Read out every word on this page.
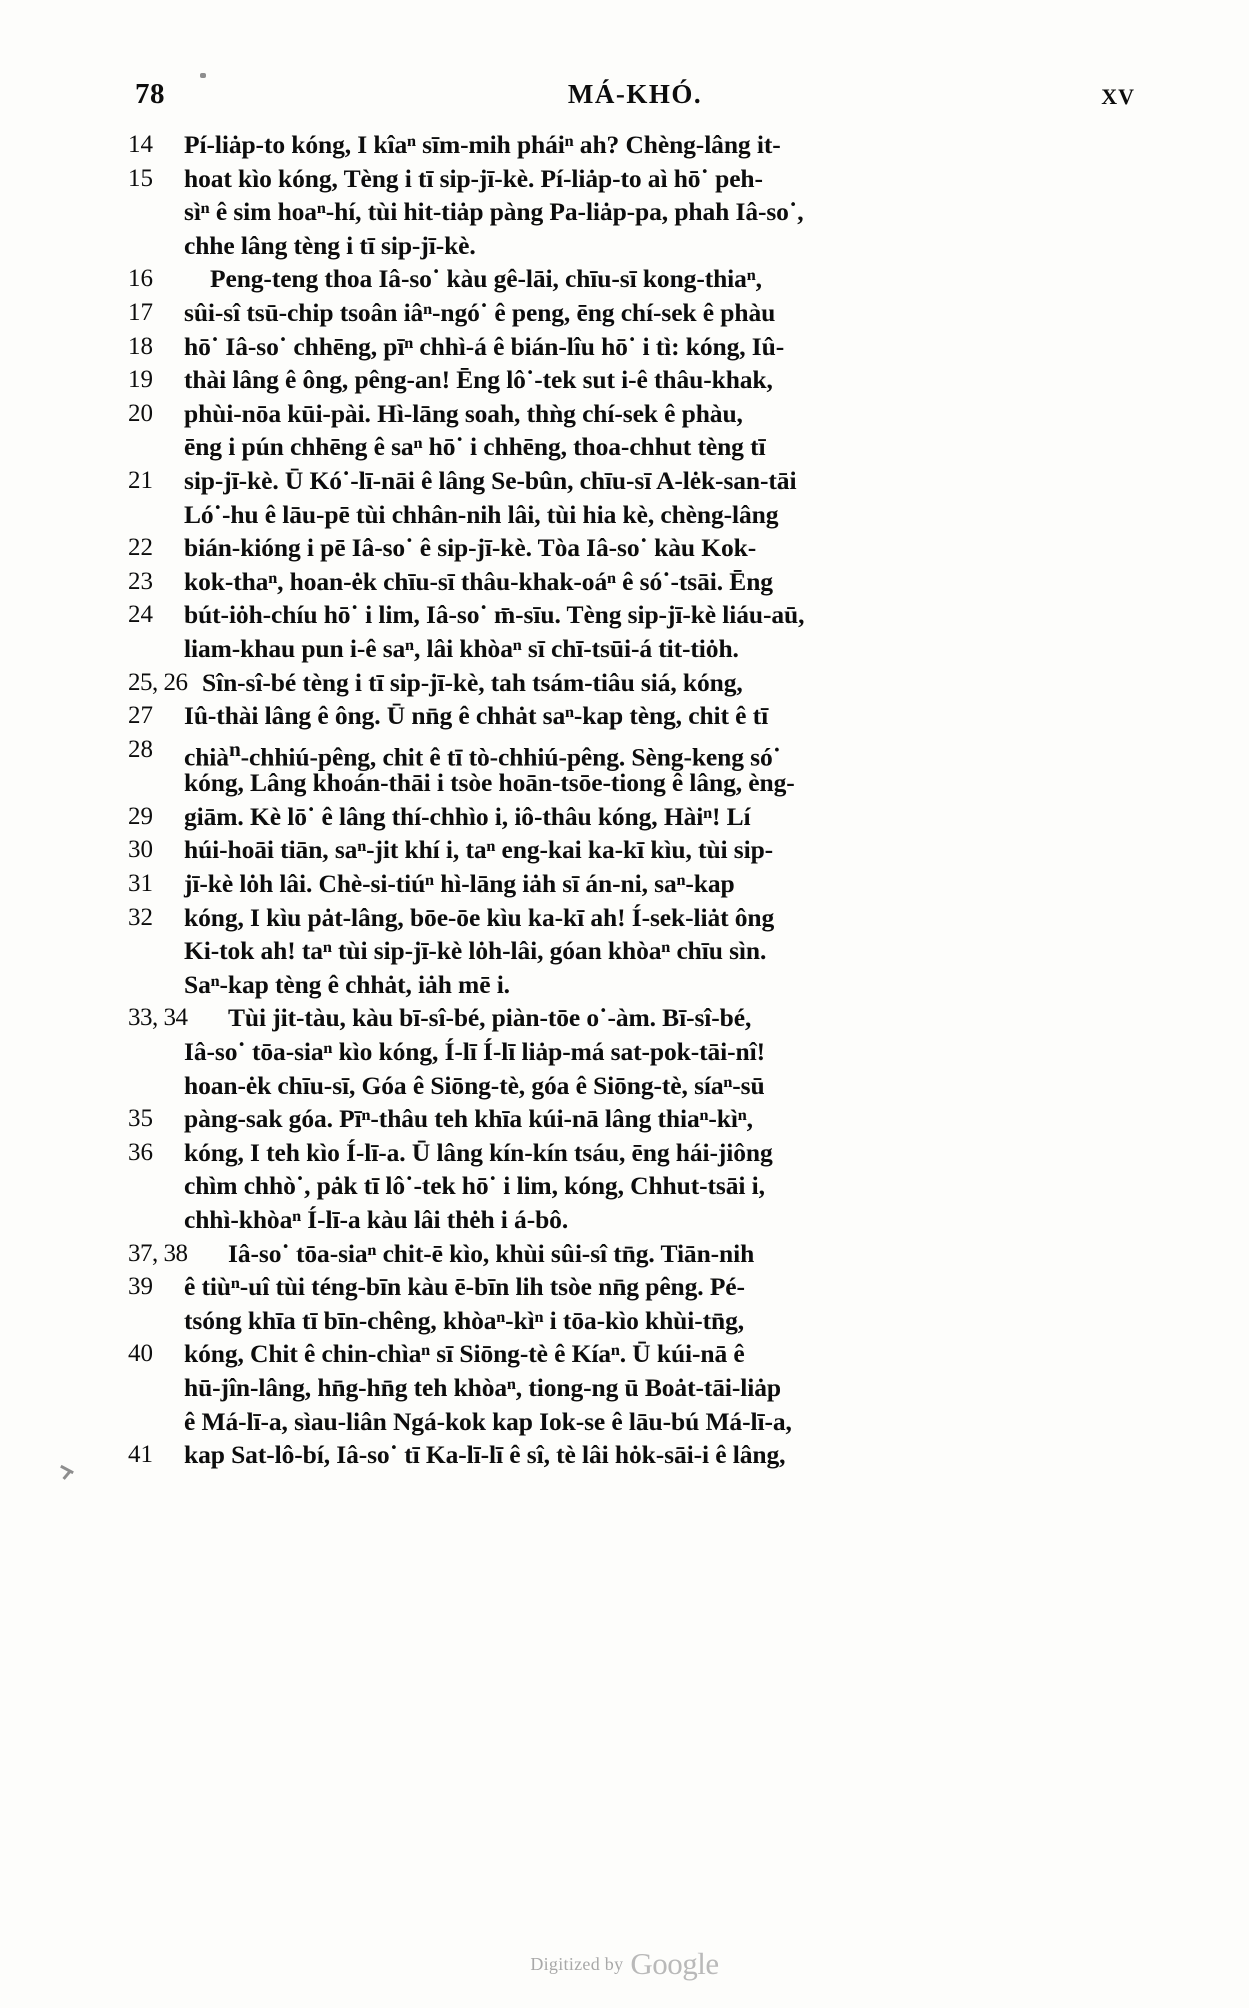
78	MÁ-KHÓ.	XV
14	Pí-liȧp-to kóng, I kîaⁿ sīm-mih pháiⁿ ah? Chèng-lâng it-
15	hoat kìo kóng, Tèng i tī sip-jī-kè. Pí-liȧp-to aì hō˙ peh-
sìⁿ ê sim hoaⁿ-hí, tùi hit-tiȧp pàng Pa-liȧp-pa, phah Iâ-so˙,
chhe lâng tèng i tī sip-jī-kè.
16	Peng-teng thoa Iâ-so˙ kàu gê-lāi, chīu-sī kong-thiaⁿ,
17	sûi-sî tsū-chip tsoân iâⁿ-ngó˙ ê peng, ēng chí-sek ê phàu
18	hō˙ Iâ-so˙ chhēng, pīⁿ chhì-á ê bián-lîu hō˙ i tì: kóng, Iû-
19	thài lâng ê ông, pêng-an! Ēng lô˙-tek sut i-ê thâu-khak,
20	phùi-nōa kūi-pài. Hì-lāng soah, thǹg chí-sek ê phàu,
ēng i pún chhēng ê saⁿ hō˙ i chhēng, thoa-chhut tèng tī
21	sip-jī-kè. Ū Kó˙-lī-nāi ê lâng Se-bûn, chīu-sī A-lėk-san-tāi
Ló˙-hu ê lāu-pē tùi chhân-nih lâi, tùi hia kè, chèng-lâng
22	bián-kióng i pē Iâ-so˙ ê sip-jī-kè. Tòa Iâ-so˙ kàu Kok-
23	kok-thaⁿ, hoan-ėk chīu-sī thâu-khak-oáⁿ ê só˙-tsāi. Ēng
24	bút-iȯh-chíu hō˙ i lim, Iâ-so˙ m̄-sīu. Tèng sip-jī-kè liáu-aū,
liam-khau pun i-ê saⁿ, lâi khòaⁿ sī chī-tsūi-á tit-tiȯh.
25, 26 Sîn-sî-bé tèng i tī sip-jī-kè, tah tsám-tiâu siá, kóng,
27	Iû-thài lâng ê ông. Ū nn̄g ê chhȧt saⁿ-kap tèng, chit ê tī
28	chià$^n$-chhiú-pêng, chit ê tī tò-chhiú-pêng. Sèng-keng só˙
kóng, Lâng khoán-thāi i tsòe hoān-tsōe-tiong ê lâng, èng-
29	giām. Kè lō˙ ê lâng thí-chhìo i, iô-thâu kóng, Hàiⁿ! Lí
30	húi-hoāi tiān, saⁿ-jit khí i, taⁿ eng-kai ka-kī kìu, tùi sip-
31	jī-kè lȯh lâi. Chè-si-tiúⁿ hì-lāng iȧh sī án-ni, saⁿ-kap
32	kóng, I kìu pȧt-lâng, bōe-ōe kìu ka-kī ah! Í-sek-liȧt ông
Ki-tok ah! taⁿ tùi sip-jī-kè lȯh-lâi, góan khòaⁿ chīu sìn.
Saⁿ-kap tèng ê chhȧt, iȧh mē i.
33, 34	Tùi jit-tàu, kàu bī-sî-bé, piàn-tōe o˙-àm. Bī-sî-bé,
Iâ-so˙ tōa-siaⁿ kìo kóng, Í-lī Í-lī liȧp-má sat-pok-tāi-nî!
hoan-ėk chīu-sī, Góa ê Siōng-tè, góa ê Siōng-tè, síaⁿ-sū
35	pàng-sak góa. Pīⁿ-thâu teh khīa kúi-nā lâng thiaⁿ-kìⁿ,
36	kóng, I teh kìo Í-lī-a. Ū lâng kín-kín tsáu, ēng hái-jiông
chìm chhò˙, pȧk tī lô˙-tek hō˙ i lim, kóng, Chhut-tsāi i,
chhì-khòaⁿ Í-lī-a kàu lâi thėh i á-bô.
37, 38	Iâ-so˙ tōa-siaⁿ chit-ē kìo, khùi sûi-sî tn̄g. Tiān-nih
39	ê tiùⁿ-uî tùi téng-bīn kàu ē-bīn lih tsòe nn̄g pêng. Pé-
tsóng khīa tī bīn-chêng, khòaⁿ-kìⁿ i tōa-kìo khùi-tn̄g,
40	kóng, Chit ê chin-chìaⁿ sī Siōng-tè ê Kíaⁿ. Ū kúi-nā ê
hū-jîn-lâng, hn̄g-hn̄g teh khòaⁿ, tiong-ng ū Boȧt-tāi-liȧp
ê Má-lī-a, sìau-liân Ngá-kok kap Iok-se ê lāu-bú Má-lī-a,
41	kap Sat-lô-bí, Iâ-so˙ tī Ka-lī-lī ê sî, tè lâi hȯk-sāi-i ê lâng,
Digitized by Google
